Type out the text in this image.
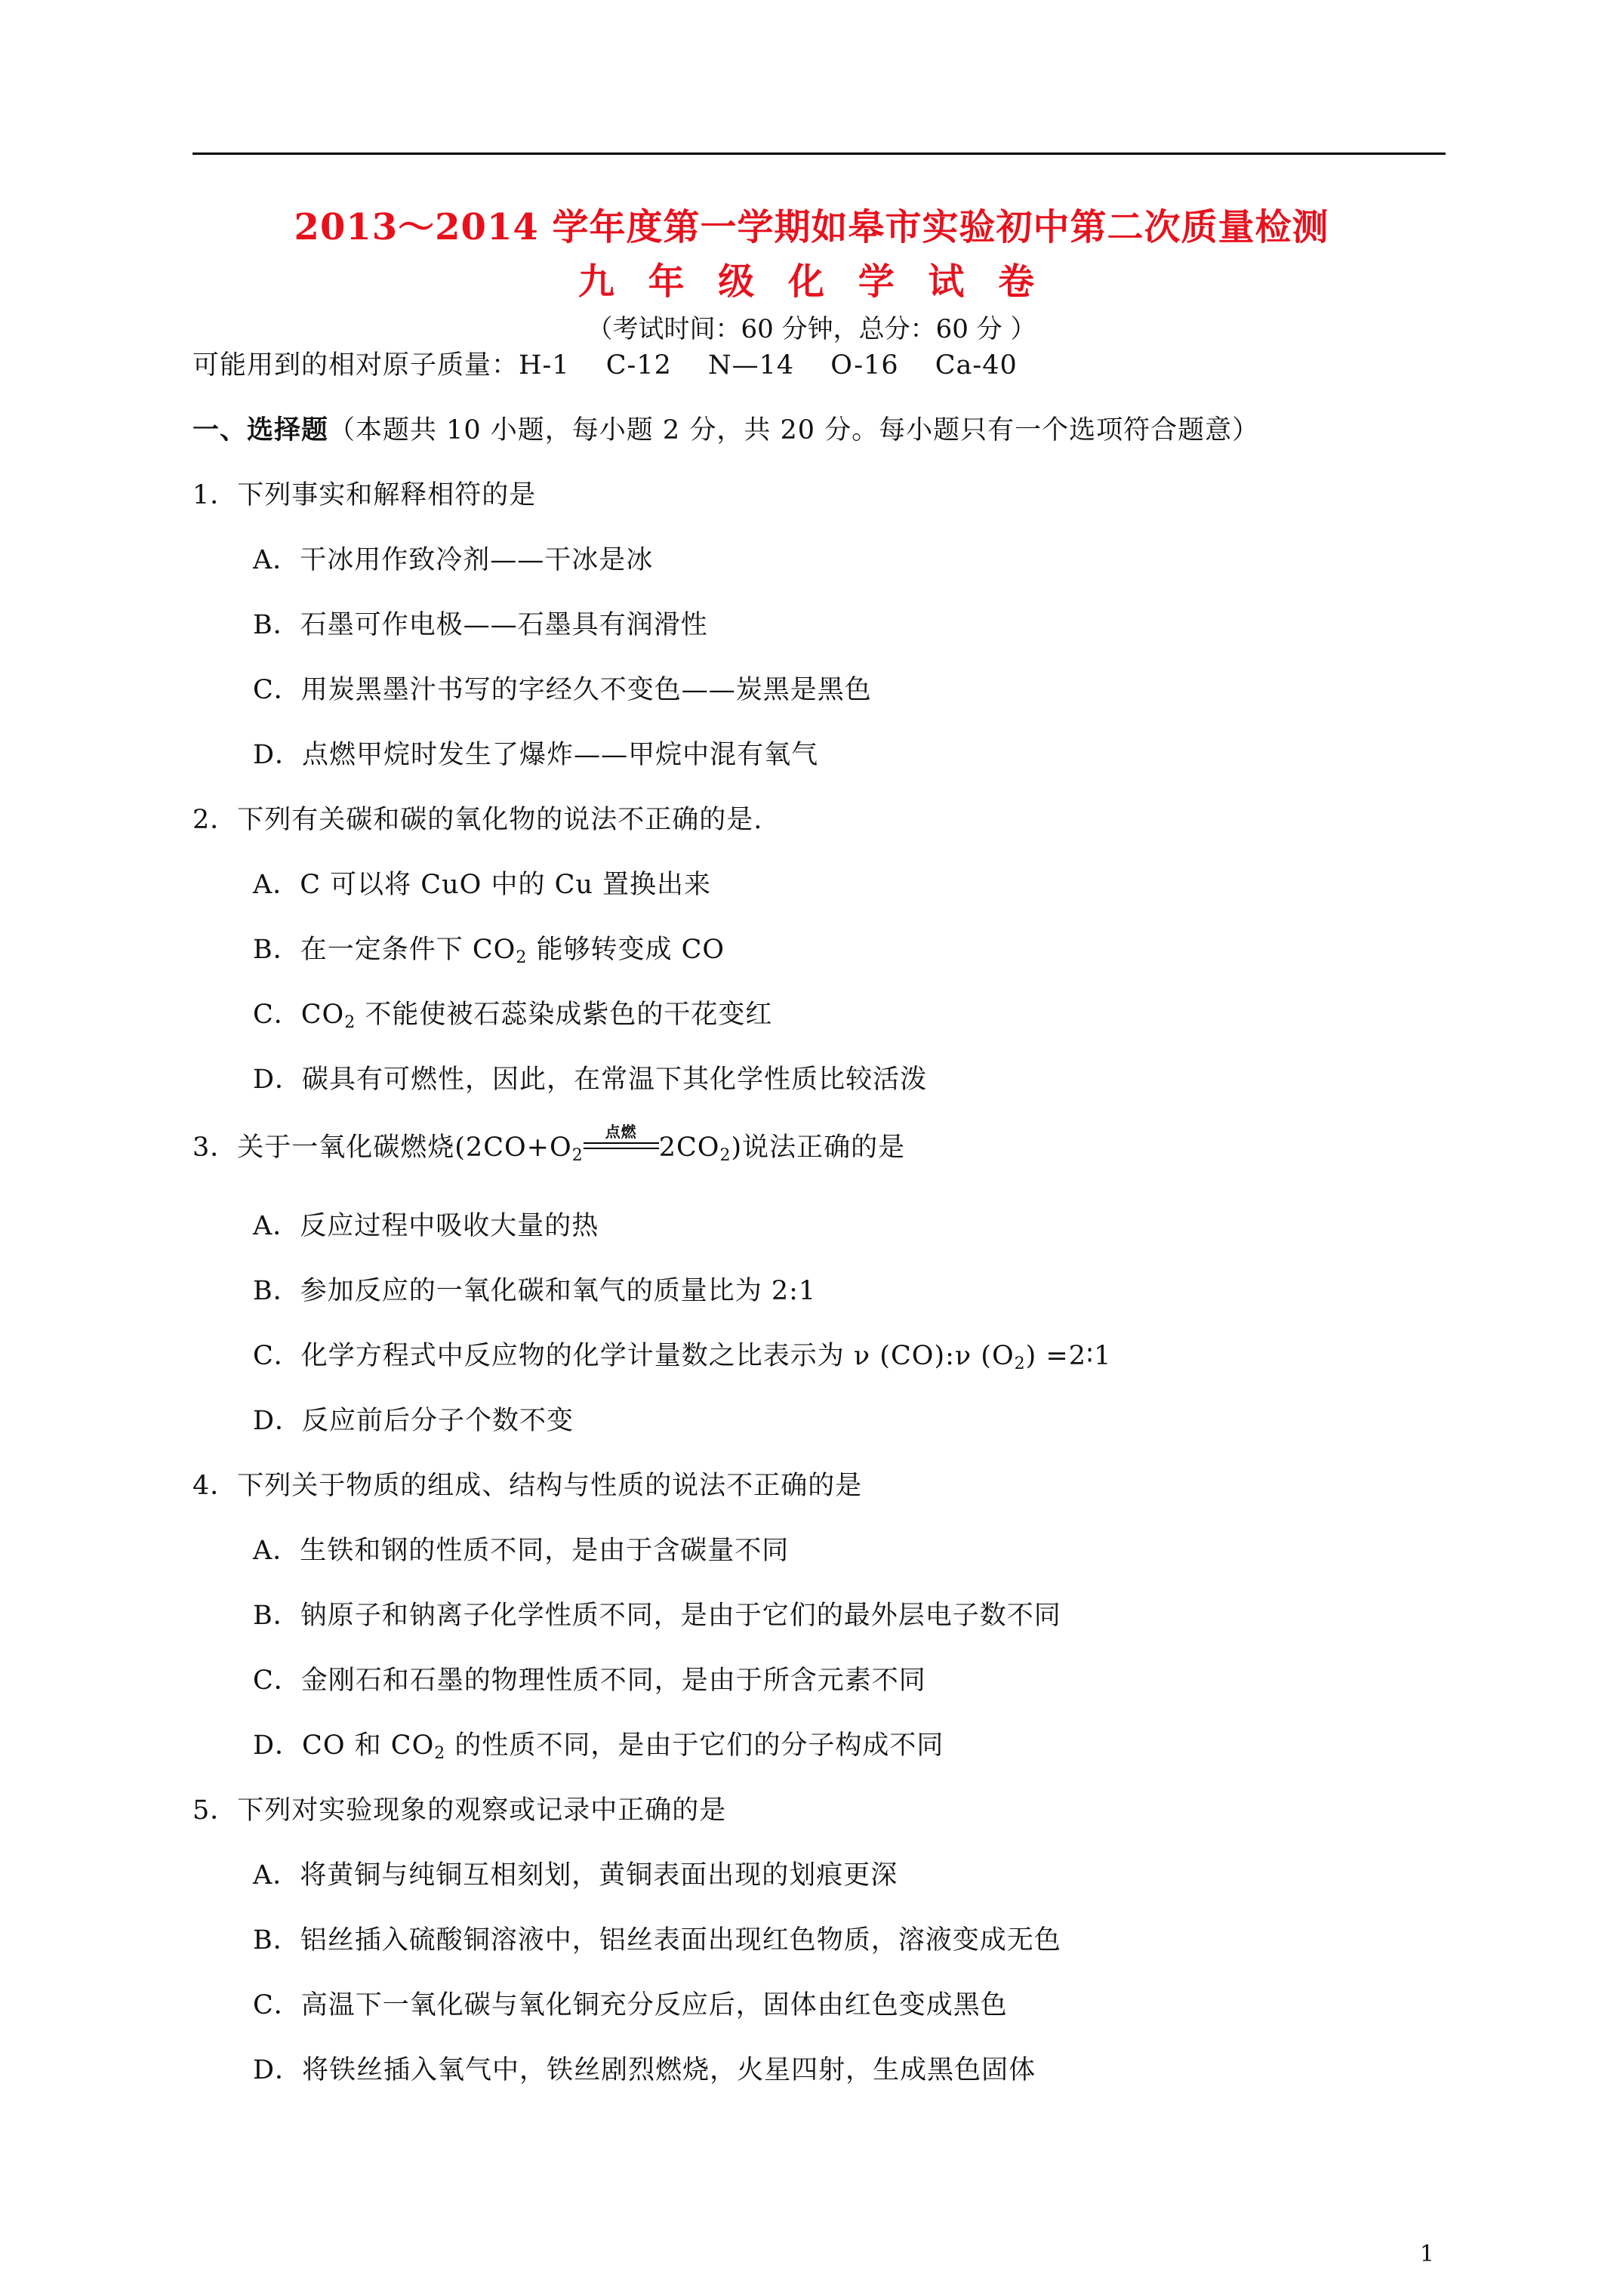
2013～2014 学年度第一学期如皋市实验初中第二次质量检测
九 年 级 化 学 试 卷
（考试时间：60 分钟，总分：60 分 ）
可能用到的相对原子质量：H-1　 C-12　 N—14　 O-16　 Ca-40
一、选择题（本题共 10 小题，每小题 2 分，共 20 分。每小题只有一个选项符合题意）
1．下列事实和解释相符的是
A．干冰用作致冷剂——干冰是冰
B．石墨可作电极——石墨具有润滑性
C．用炭黑墨汁书写的字经久不变色——炭黑是黑色
D．点燃甲烷时发生了爆炸——甲烷中混有氧气
2．下列有关碳和碳的氧化物的说法不正确的是.
A．C 可以将 CuO 中的 Cu 置换出来
B．在一定条件下 $CO_2$ 能够转变成 CO
C．$CO_2$ 不能使被石蕊染成紫色的干花变红
D．碳具有可燃性，因此，在常温下其化学性质比较活泼
3．关于一氧化碳燃烧($2CO+O_2$
点燃
$2CO_2$)说法正确的是
A．反应过程中吸收大量的热
B．参加反应的一氧化碳和氧气的质量比为 2:1
C．化学方程式中反应物的化学计量数之比表示为 ν (CO):ν $(O_2)$ =2∶1
D．反应前后分子个数不变
4．下列关于物质的组成、结构与性质的说法不正确的是
A．生铁和钢的性质不同，是由于含碳量不同
B．钠原子和钠离子化学性质不同，是由于它们的最外层电子数不同
C．金刚石和石墨的物理性质不同，是由于所含元素不同
D．CO 和 $CO_2$ 的性质不同，是由于它们的分子构成不同
5．下列对实验现象的观察或记录中正确的是
A．将黄铜与纯铜互相刻划，黄铜表面出现的划痕更深
B．铝丝插入硫酸铜溶液中，铝丝表面出现红色物质，溶液变成无色
C．高温下一氧化碳与氧化铜充分反应后，固体由红色变成黑色
D．将铁丝插入氧气中，铁丝剧烈燃烧，火星四射，生成黑色固体
1
